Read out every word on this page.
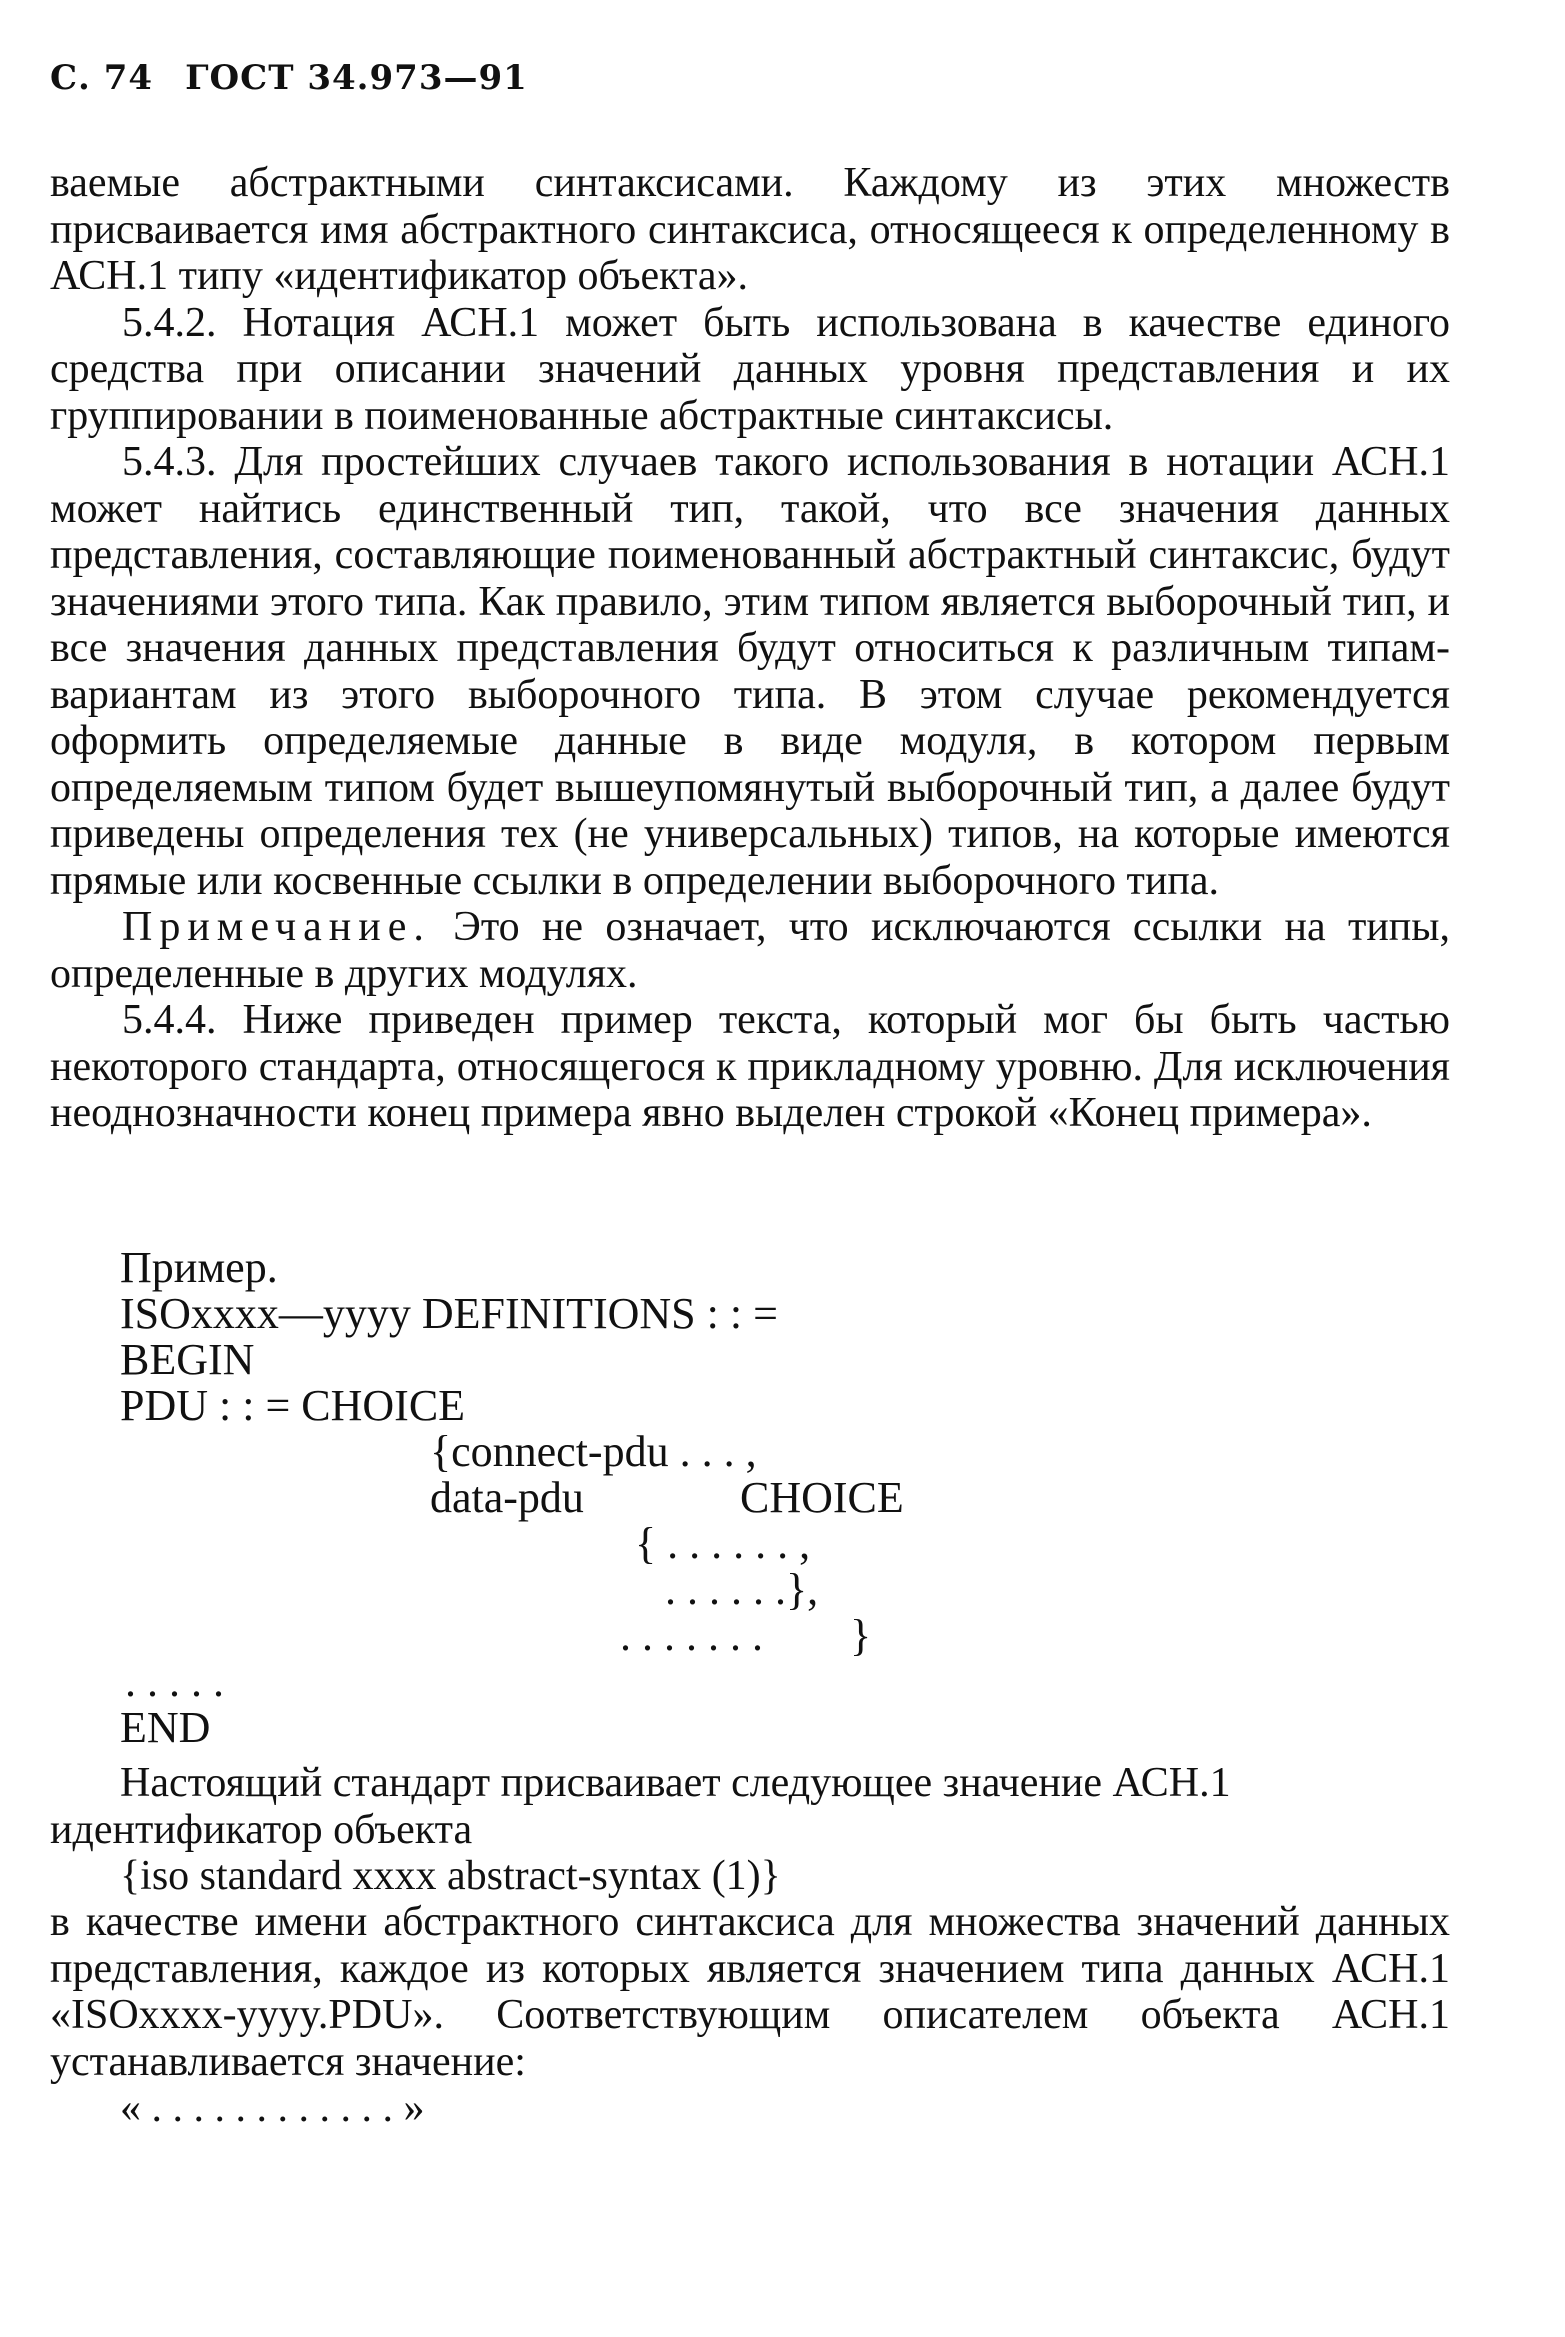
С. 74 ГОСТ 34.973—91

ваемые абстрактными синтаксисами. Каждому из этих множеств присваивается имя абстрактного синтаксиса, относящееся к определенному в АСН.1 типу «идентификатор объекта».

5.4.2. Нотация АСН.1 может быть использована в качестве единого средства при описании значений данных уровня представления и их группировании в поименованные абстрактные синтаксисы.

5.4.3. Для простейших случаев такого использования в нотации АСН.1 может найтись единственный тип, такой, что все значения данных представления, составляющие поименованный абстрактный синтаксис, будут значениями этого типа. Как правило, этим типом является выборочный тип, и все значения данных представления будут относиться к различным типам-вариантам из этого выборочного типа. В этом случае рекомендуется оформить определяемые данные в виде модуля, в котором первым определяемым типом будет вышеупомянутый выборочный тип, а далее будут приведены определения тех (не универсальных) типов, на которые имеются прямые или косвенные ссылки в определении выборочного типа.

Примечание. Это не означает, что исключаются ссылки на типы, определенные в других модулях.

5.4.4. Ниже приведен пример текста, который мог бы быть частью некоторого стандарта, относящегося к прикладному уровню. Для исключения неоднозначности конец примера явно выделен строкой «Конец примера».

Пример.
ISOxxxx—yyyy DEFINITIONS : : =
BEGIN
PDU : : = CHOICE
{connect-pdu . . . ,
data-pdu	CHOICE
{ . . . . . . ,
. . . . . .},
. . . . . . . }
. . . . .
END
Настоящий стандарт присваивает следующее значение АСН.1 идентификатор объекта
{iso standard xxxx abstract-syntax (1)}
в качестве имени абстрактного синтаксиса для множества значений данных представления, каждое из которых является значением типа данных АСН.1 «ISOxxxx-yyyy.PDU». Соответствующим описателем объекта АСН.1 устанавливается значение:
« . . . . . . . . . . . . »
